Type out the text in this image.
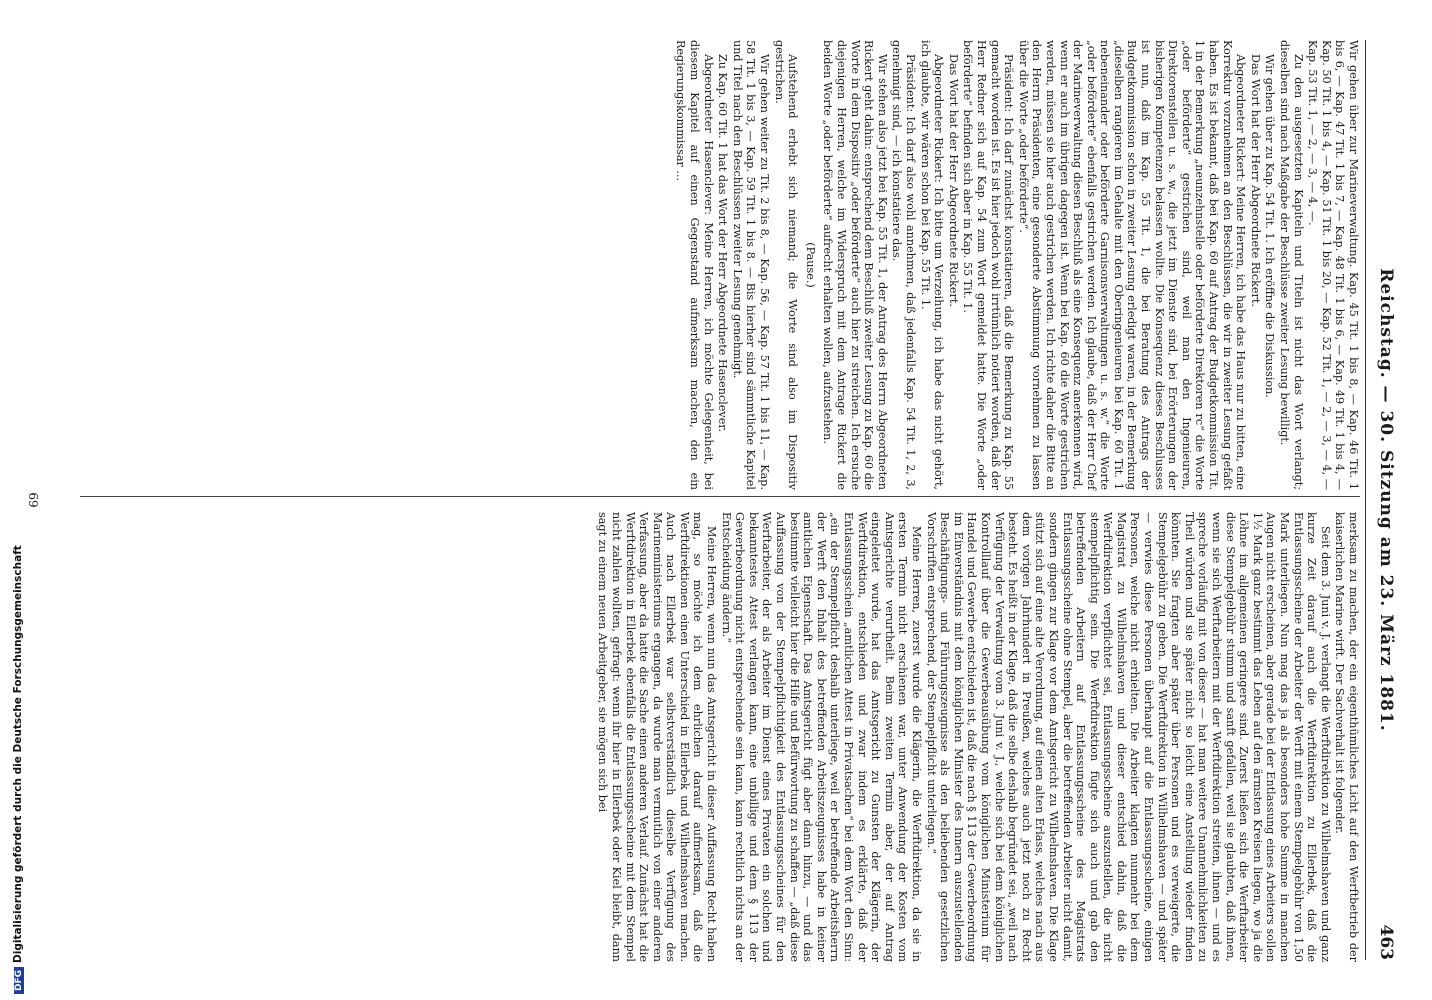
Reichstag. — 30. Sitzung am 23. März 1881.
463

Wir gehen über zur Marineverwaltung. Kap. 45 Tit. 1 bis 8, — Kap. 46 Tit. 1 bis 6, — Kap. 47 Tit. 1 bis 7, — Kap. 48 Tit. 1 bis 6, — Kap. 49 Tit. 1 bis 4, — Kap. 50 Tit. 1 bis 4, — Kap. 51 Tit. 1 bis 20, — Kap. 52 Tit. 1, — 2, — 3, — 4, — Kap. 53 Tit. 1, — 2, — 3, — 4, —.

Zu den ausgesetzten Kapiteln und Titeln ist nicht das Wort verlangt; dieselben sind nach Maßgabe der Beschlüsse zweiter Lesung bewilligt.

Wir gehen über zu Kap. 54 Tit. 1. Ich eröffne die Diskussion.

Das Wort hat der Herr Abgeordnete Rickert.

Abgeordneter Rickert: Meine Herren, ich habe das Haus nur zu bitten, eine Korrektur vorzunehmen an den Beschlüssen, die wir in zweiter Lesung gefaßt haben. Es ist bekannt, daß bei Kap. 60 auf Antrag der Budgetkommission Tit. 1 in der Bemerkung „neunzehnstelle oder beförderte Direktoren rc“ die Worte „oder beförderte“ gestrichen sind, weil man den Ingenieuren, Direktorenstellen u. s. w., die jetzt im Dienste sind, bei Erörterungen der bisherigen Kompetenzen belassen wollte. Die Konsequenz dieses Beschlusses ist nun, daß im Kap. 55 Tit. 1, die bei Beratung des Antrags der Budgetkommission schon in zweiter Lesung erledigt waren, in der Bemerkung „dieselben rangieren im Gehalte mit den Oberingenieuren bei Kap. 60 Tit. 1 nebeneinander oder beförderte Garnisonsverwaltungen u. s. w.“ die Worte „oder beförderte“ ebenfalls gestrichen werden. Ich glaube, daß der Herr Chef der Marineverwaltung diesen Beschluß als eine Konsequenz anerkennen wird, wenn er auch im übrigen dagegen ist. Wenn bei Kap. 60 die Worte gestrichen werden, müssen sie hier auch gestrichen werden. Ich richte daher die Bitte an den Herrn Präsidenten, eine gesonderte Abstimmung vornehmen zu lassen über die Worte „oder beförderte“.

Präsident: Ich darf zunächst konstatieren, daß die Bemerkung zu Kap. 55 gemacht worden ist. Es ist hier jedoch wohl irrtümlich notiert worden, daß der Herr Redner sich auf Kap. 54 zum Wort gemeldet hatte. Die Worte „oder beförderte“ befinden sich aber in Kap. 55 Tit. 1.

Das Wort hat der Herr Abgeordnete Rickert.

Abgeordneter Rickert: Ich bitte um Verzeihung, ich habe das nicht gehört, ich glaubte, wir wären schon bei Kap. 55 Tit. 1.

Präsident: Ich darf also wohl annehmen, daß jedenfalls Kap. 54 Tit. 1, 2, 3, genehmigt sind, — ich konstatiere das.

Wir stehen also jetzt bei Kap. 55 Tit. 1, der Antrag des Herrn Abgeordneten Rickert geht dahin: entsprechend dem Beschluß zweiter Lesung zu Kap. 60 die Worte in dem Dispositiv „oder beförderte“ auch hier zu streichen. Ich ersuche diejenigen Herren, welche im Widerspruch mit dem Antrage Rickert die beiden Worte „oder beförderte“ aufrecht erhalten wollen, aufzustehen.

(Pause.)

Aufstehend erhebt sich niemand; die Worte sind also im Dispositiv gestrichen.

Wir gehen weiter zu Tit. 2 bis 8, — Kap. 56, — Kap. 57 Tit. 1 bis 11, — Kap. 58 Tit. 1 bis 3, — Kap. 59 Tit. 1 bis 8. — Bis hierher sind sämmtliche Kapitel und Titel nach den Beschlüssen zweiter Lesung genehmigt.

Zu Kap. 60 Tit. 1 hat das Wort der Herr Abgeordnete Hasenclever.

Abgeordneter Hasenclever: Meine Herren, ich möchte Gelegenheit, bei diesem Kapitel auf einen Gegenstand aufmerksam machen, den ein Regierungskommissar ...

merksam zu machen, der ein eigenthümliches Licht auf den Werftbetrieb der kaiserlichen Marine wirft. Der Sachverhalt ist folgender.

Seit dem 3. Juni v. J. verlangt die Werftdirektion zu Wilhelmshaven und ganz kurze Zeit darauf auch die Werftdirektion zu Ellerbek, daß die Entlassungsscheine der Arbeiter der Werft mit einem Stempelgebühr von 1,50 Mark unterliegen. Nun mag das ja als besonders hohe Summe in manchen Augen nicht erscheinen, aber gerade bei der Entlassung eines Arbeiters sollen 1½ Mark ganz bestimmt das Leben auf den ärmsten Kreisen liegen, wo ja die Löhne im allgemeinen geringere sind. Zuerst ließen sich die Werftarbeiter diese Stempelgebühr stumm und sanft gefallen, weil sie glaubten, daß ihnen, wenn sie sich Werftarbeitern mit der Werftdirektion streiten, ihnen — und es spreche vorläufig mit von dieser — hat man weitere Unannehmlichkeiten zu Theil würden und sie später nicht so leicht eine Anstellung wieder finden könnten. Sie fragten aber später über Personen und es verweigerte, die Stempelgebühr zu geben. Die Werftdirektion in Wilhelmshaven — und später — verwies diese Personen überhaupt auf die Entlassungsscheine, einigen Personen, welche nicht erhielten. Die Arbeiter klagten nunmehr bei dem Magistrat zu Wilhelmshaven und dieser entschied dahin, daß die Werftdirektion verpflichtet sei, Entlassungsscheine auszustellen, die nicht stempelpflichtig sein. Die Werftdirektion fügte sich auch und gab den betreffenden Arbeitern auf Entlassungsscheine des Magistrats Entlassungsscheine ohne Stempel, aber die betreffenden Arbeiter nicht damit, sondern gingen zur Klage vor dem Amtsgericht zu Wilhelmshaven. Die Klage stützt sich auf eine alte Verordnung, auf einen alten Erlass, welches nach aus dem vorigen Jahrhundert in Preußen, welches auch jetzt noch zu Recht besteht. Es heißt in der Klage, daß die selbe deshalb begründet sei, „weil nach Verfügung der Verwaltung vom 3. Juni v. J., welche sich bei dem königlichen Kontrolllauf über die Gewerbeausübung vom königlichen Ministerium für Handel und Gewerbe entschieden ist, daß die nach § 113 der Gewerbeordnung im Einverständnis mit dem königlichen Minister des Innern auszustellenden Beschäftigungs- und Führungszeugnisse als den beliebenden gesetzlichen Vorschriften entsprechend, der Stempelpflicht unterliegen.“

Meine Herren, zuerst wurde die Klägerin, die Werftdirektion, da sie in ersten Termin nicht erschienen war, unter Anwendung der Kosten vom Amtsgerichte verurtheilt. Beim zweiten Termin aber, der auf Antrag eingeleitet wurde, hat das Amtsgericht zu Gunsten der Klägerin, der Werftdirektion, entschieden und zwar indem es erklärte, daß der Entlassungsschein „amtlichen Attest in Privatsachen“ bei dem Wort den Sinn: „ein der Stempelpflicht deshalb unterliege, weil er betreffende Arbeitsherrn der Werft den Inhalt des betreffenden Arbeitszeugnisses habe in keiner amtlichen Eigenschaft. Das Amtsgericht fügt aber dann hinzu, — und das bestimmte vielleicht hier die Hilfe und Befürwortung zu schaffen — „daß diese Auffassung von der Stempelpflichtigkeit des Entlassungsscheines für den Werftarbeiter, der als Arbeiter im Dienst eines Privaten ein solchen und bekanntestes Attest verlangen kann, eine unbillige und dem § 113 der Gewerbeordnung nicht entsprechende sein kann, kann rechtlich nichts an der Entscheidung ändern.“

Meine Herren, wenn nun das Amtsgericht in dieser Auffassung Recht haben mag, so möchte ich dem ehrlichen darauf aufmerksam, daß die Werftdirektionen einen Unterschied in Ellerbek und Wilhelmshaven machen. Auch nach Ellerbek war selbstverständlich dieselbe Verfügung des Marineministeriums ergangen, da wurde man vermutlich von einer anderen Verfassung, aber da hatte die Sache einen anderen Verlauf. Zunächst hat die Werftdirektion in Ellerbek ebenfalls die Entlassungsscheine mit dem Stempel nicht zahlen wollten, gefragt: wenn ihr hier in Ellerbek oder Kiel bleibt, dann sagt zu einem neuen Arbeitgeber, sie mögen sich bei

69
DFGDigitalisierung gefördert durch die Deutsche Forschungsgemeinschaft
